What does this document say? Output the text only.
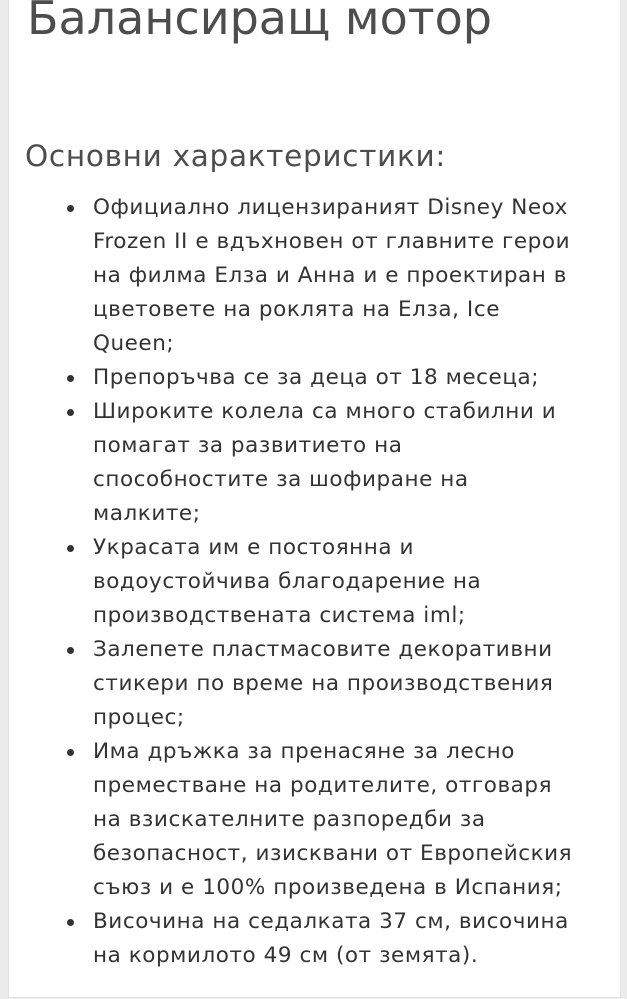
Балансиращ мотор
Основни характеристики:
Официално лицензираният Disney Neox
Frozen II е вдъхновен от главните герои
на филма Елза и Анна и е проектиран в
цветовете на роклята на Елза, Ice
Queen;
Препоръчва се за деца от 18 месеца;
Широките колела са много стабилни и
помагат за развитието на
способностите за шофиране на
малките;
Украсата им е постоянна и
водоустойчива благодарение на
производствената система iml;
Залепете пластмасовите декоративни
стикери по време на производствения
процес;
Има дръжка за пренасяне за лесно
преместване на родителите, отговаря
на взискателните разпоредби за
безопасност, изисквани от Европейския
съюз и е 100% произведена в Испания;
Височина на седалката 37 см, височина
на кормилото 49 см (от земята).
